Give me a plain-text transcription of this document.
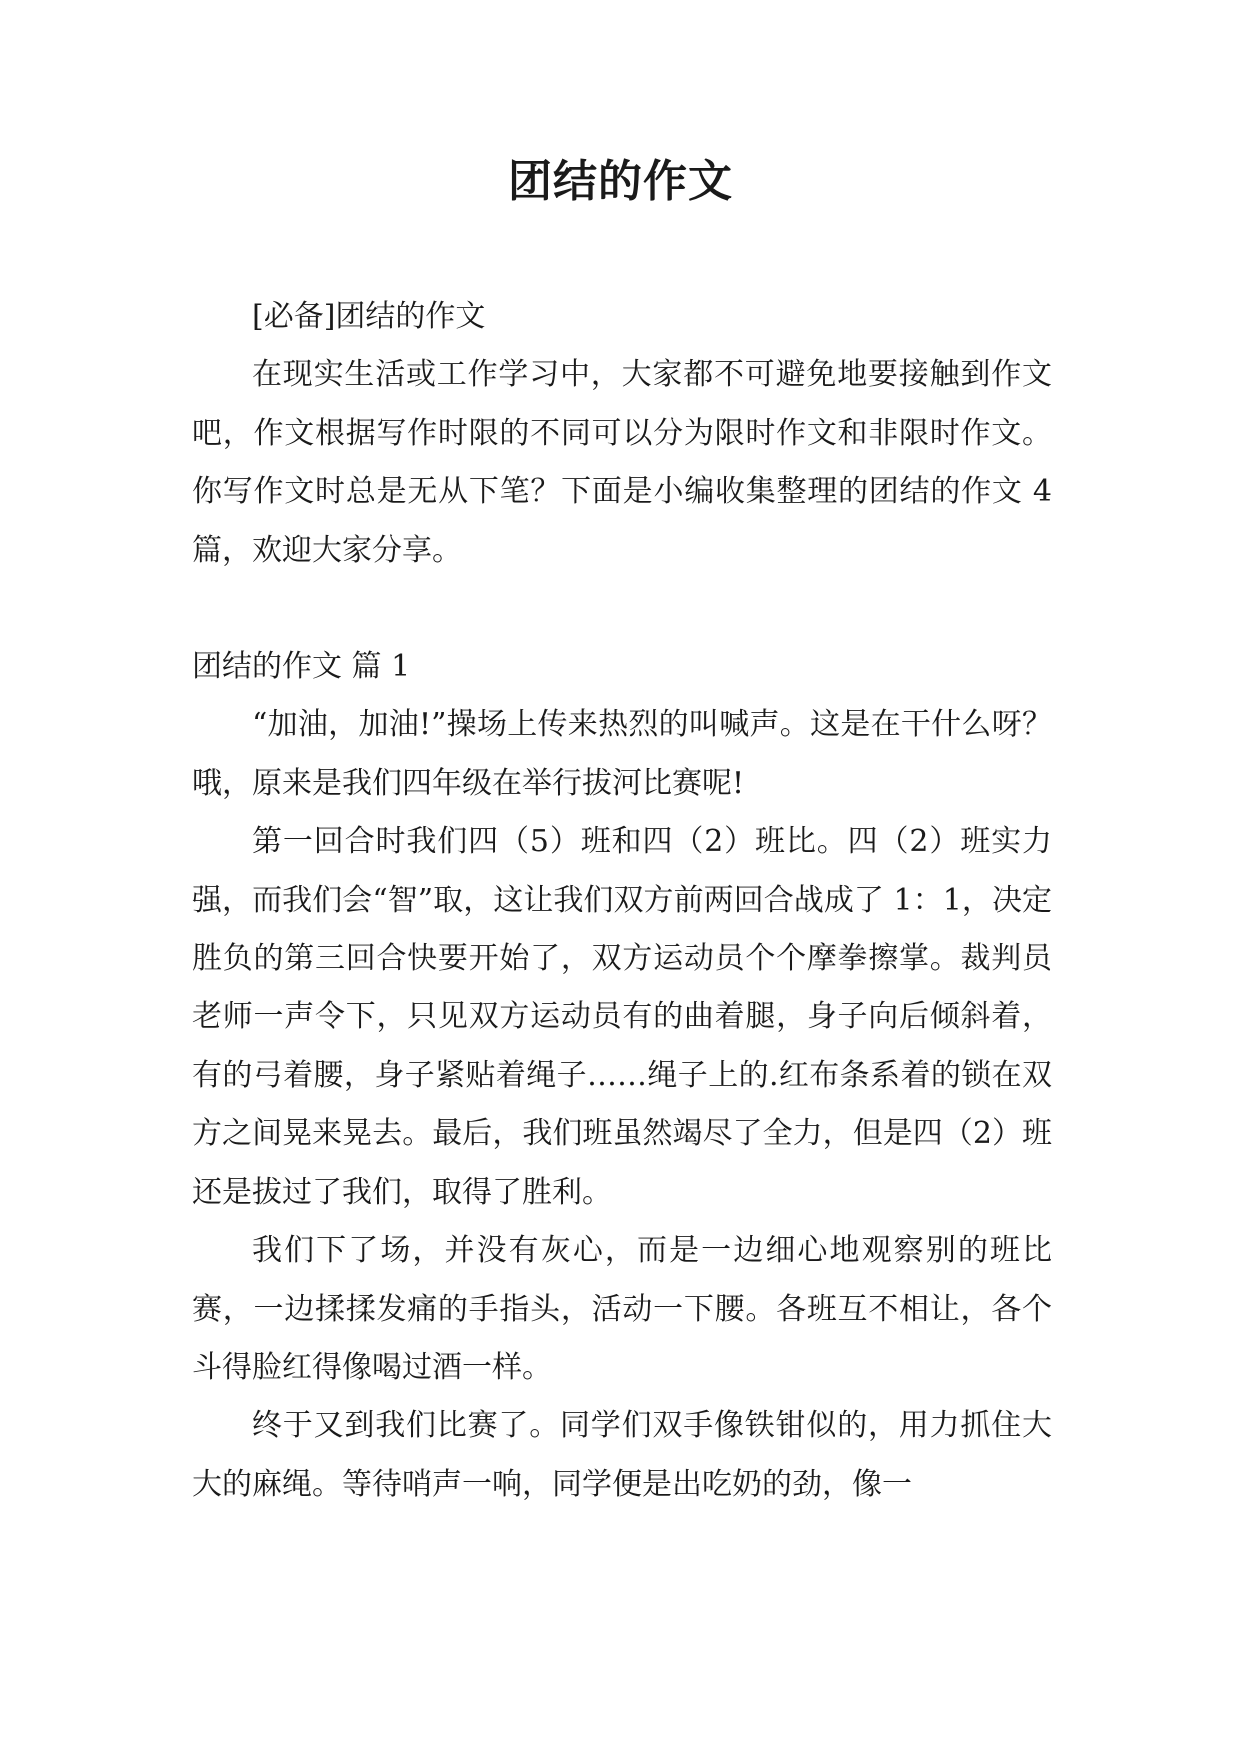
团结的作文

[必备]团结的作文

在现实生活或工作学习中，大家都不可避免地要接触到作文吧，作文根据写作时限的不同可以分为限时作文和非限时作文。你写作文时总是无从下笔？下面是小编收集整理的团结的作文 4 篇，欢迎大家分享。

团结的作文 篇 1

“加油，加油!”操场上传来热烈的叫喊声。这是在干什么呀？哦，原来是我们四年级在举行拔河比赛呢!

第一回合时我们四（5）班和四（2）班比。四（2）班实力强，而我们会“智”取，这让我们双方前两回合战成了 1：1，决定胜负的第三回合快要开始了，双方运动员个个摩拳擦掌。裁判员老师一声令下，只见双方运动员有的曲着腿，身子向后倾斜着，有的弓着腰，身子紧贴着绳子……绳子上的.红布条系着的锁在双方之间晃来晃去。最后，我们班虽然竭尽了全力，但是四（2）班还是拔过了我们，取得了胜利。

我们下了场，并没有灰心，而是一边细心地观察别的班比赛，一边揉揉发痛的手指头，活动一下腰。各班互不相让，各个斗得脸红得像喝过酒一样。

终于又到我们比赛了。同学们双手像铁钳似的，用力抓住大大的麻绳。等待哨声一响，同学便是出吃奶的劲，像一
